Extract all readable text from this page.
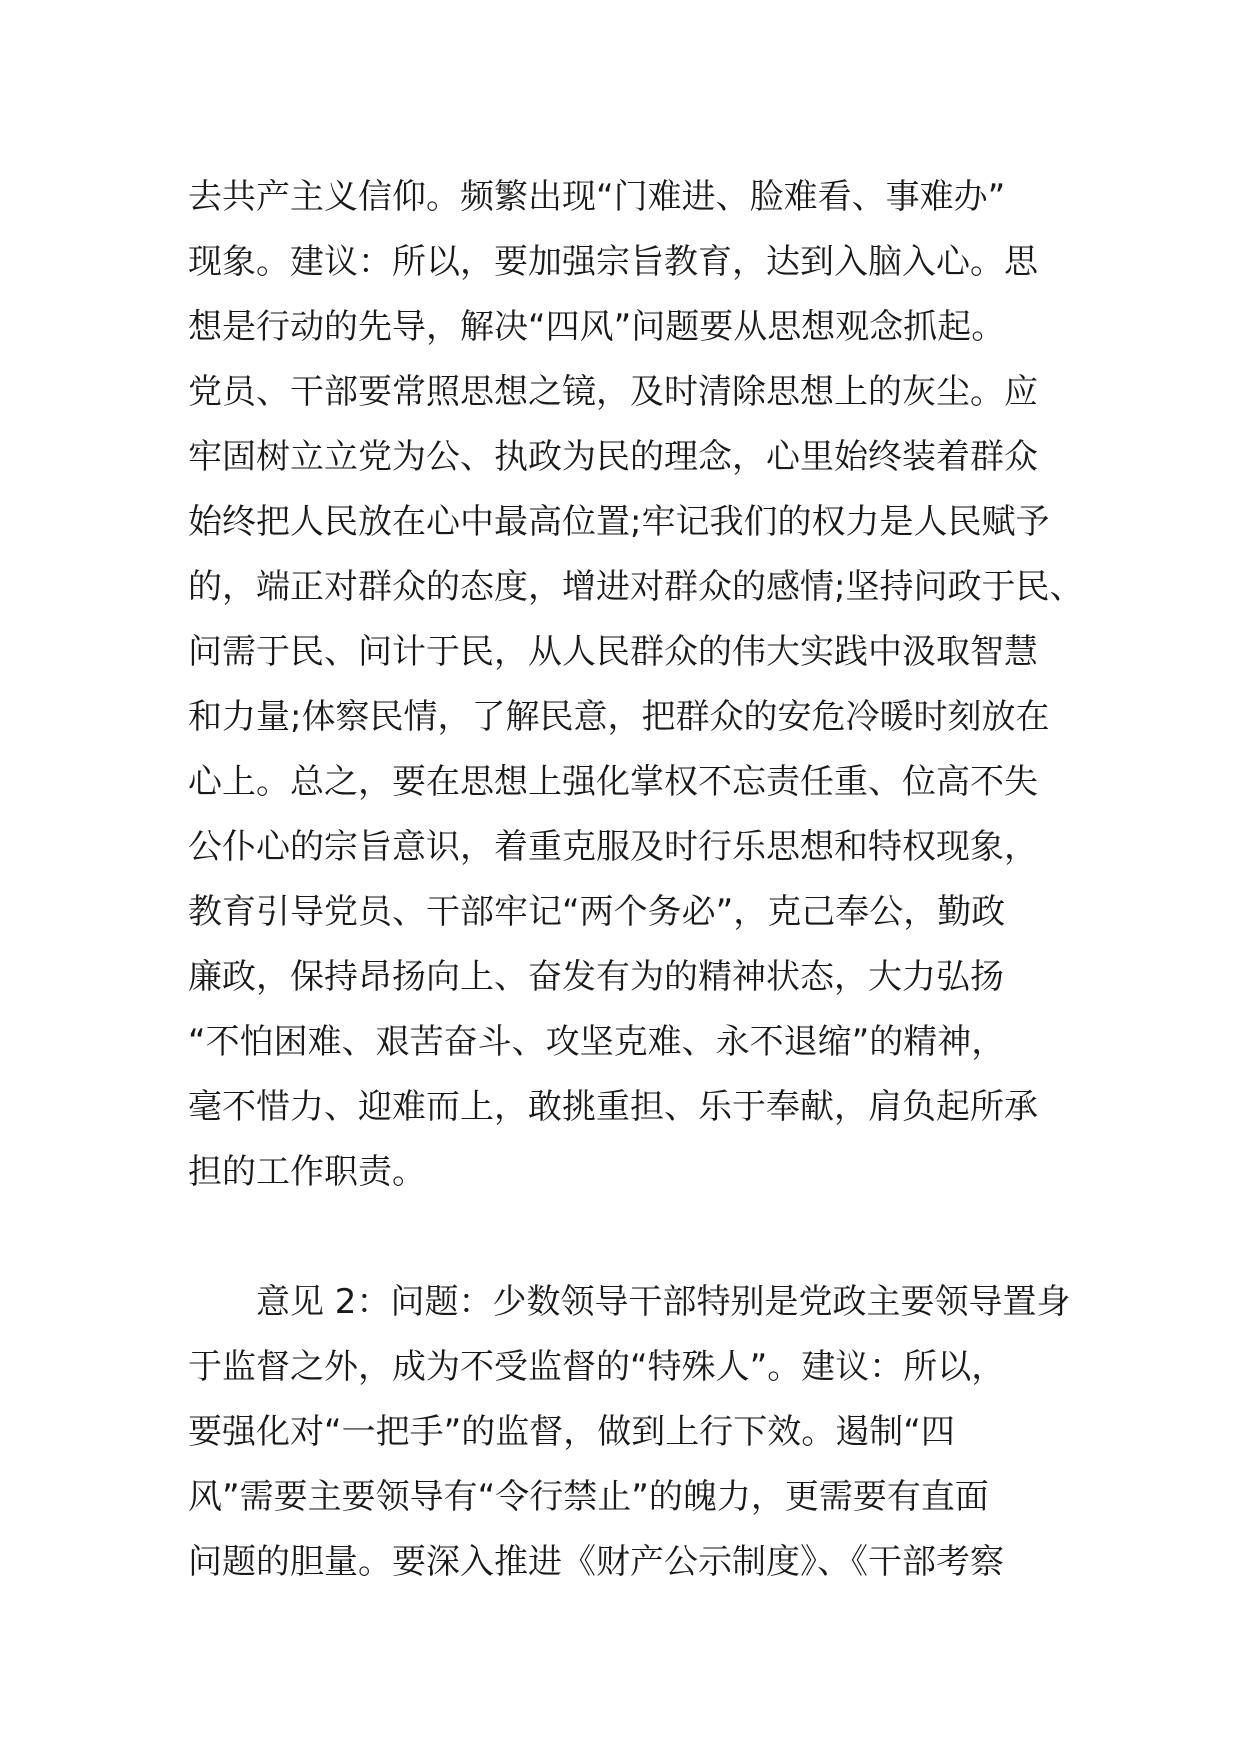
去共产主义信仰。频繁出现“门难进、脸难看、事难办”
现象。建议：所以，要加强宗旨教育，达到入脑入心。思
想是行动的先导，解决“四风”问题要从思想观念抓起。
党员、干部要常照思想之镜，及时清除思想上的灰尘。应
牢固树立立党为公、执政为民的理念，心里始终装着群众
始终把人民放在心中最高位置;牢记我们的权力是人民赋予
的，端正对群众的态度，增进对群众的感情;坚持问政于民、
问需于民、问计于民，从人民群众的伟大实践中汲取智慧
和力量;体察民情，了解民意，把群众的安危冷暖时刻放在
心上。总之，要在思想上强化掌权不忘责任重、位高不失
公仆心的宗旨意识，着重克服及时行乐思想和特权现象，
教育引导党员、干部牢记“两个务必”，克己奉公，勤政
廉政，保持昂扬向上、奋发有为的精神状态，大力弘扬
“不怕困难、艰苦奋斗、攻坚克难、永不退缩”的精神，
毫不惜力、迎难而上，敢挑重担、乐于奉献，肩负起所承
担的工作职责。
意见 2：问题：少数领导干部特别是党政主要领导置身
于监督之外，成为不受监督的“特殊人”。建议：所以，
要强化对“一把手”的监督，做到上行下效。遏制“四
风”需要主要领导有“令行禁止”的魄力，更需要有直面
问题的胆量。要深入推进《财产公示制度》、《干部考察
